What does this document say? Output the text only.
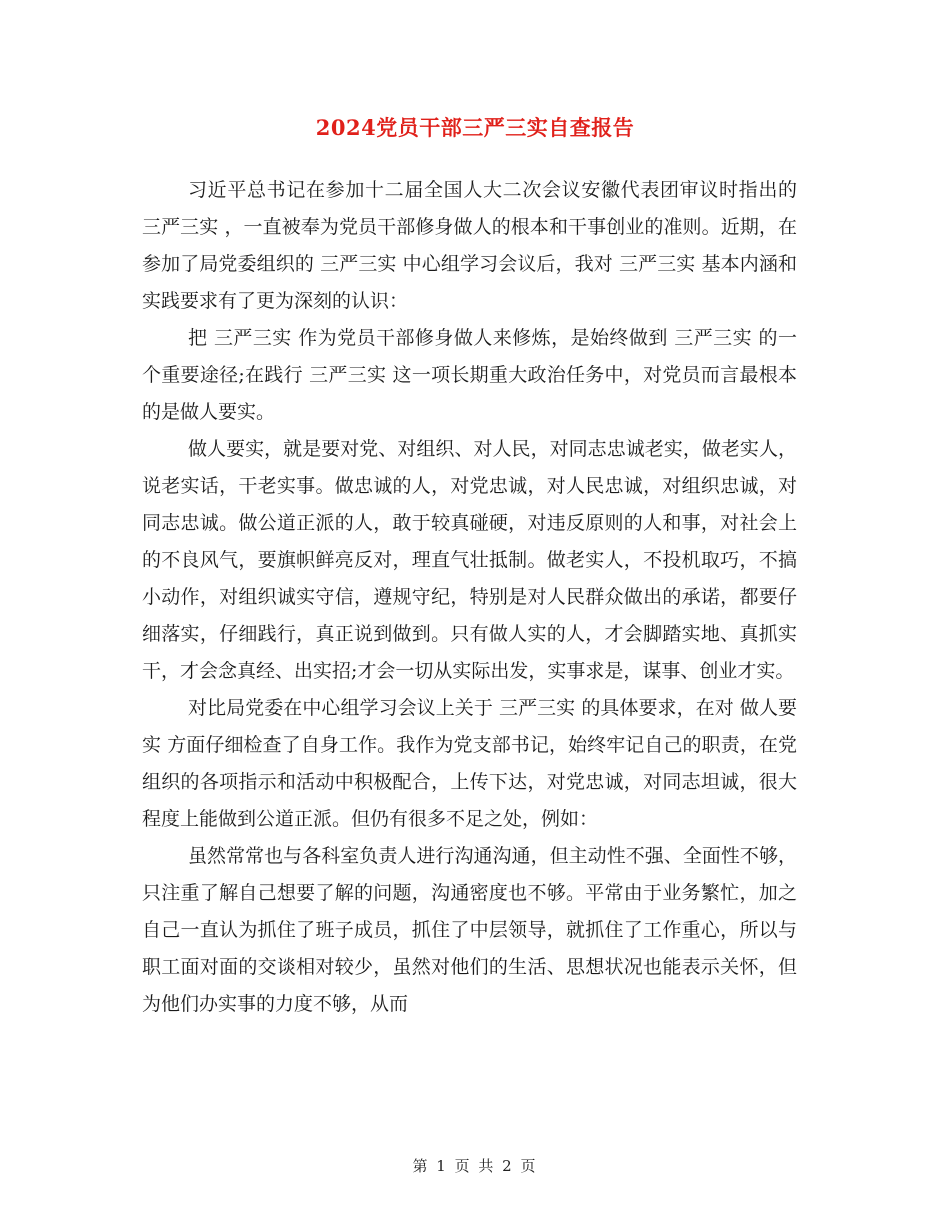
2024党员干部三严三实自查报告

习近平总书记在参加十二届全国人大二次会议安徽代表团审议时指出的 三严三实 ，一直被奉为党员干部修身做人的根本和干事创业的准则。近期，在参加了局党委组织的 三严三实 中心组学习会议后，我对 三严三实 基本内涵和实践要求有了更为深刻的认识：

把 三严三实 作为党员干部修身做人来修炼，是始终做到 三严三实 的一个重要途径;在践行 三严三实 这一项长期重大政治任务中，对党员而言最根本的是做人要实。

做人要实，就是要对党、对组织、对人民，对同志忠诚老实，做老实人，说老实话，干老实事。做忠诚的人，对党忠诚，对人民忠诚，对组织忠诚，对同志忠诚。做公道正派的人，敢于较真碰硬，对违反原则的人和事，对社会上的不良风气，要旗帜鲜亮反对，理直气壮抵制。做老实人，不投机取巧，不搞小动作，对组织诚实守信，遵规守纪，特别是对人民群众做出的承诺，都要仔细落实，仔细践行，真正说到做到。只有做人实的人，才会脚踏实地、真抓实干，才会念真经、出实招;才会一切从实际出发，实事求是，谋事、创业才实。

对比局党委在中心组学习会议上关于 三严三实 的具体要求，在对 做人要实 方面仔细检查了自身工作。我作为党支部书记，始终牢记自己的职责，在党组织的各项指示和活动中积极配合，上传下达，对党忠诚，对同志坦诚，很大程度上能做到公道正派。但仍有很多不足之处，例如：

虽然常常也与各科室负责人进行沟通沟通，但主动性不强、全面性不够，只注重了解自己想要了解的问题，沟通密度也不够。平常由于业务繁忙，加之自己一直认为抓住了班子成员，抓住了中层领导，就抓住了工作重心，所以与职工面对面的交谈相对较少，虽然对他们的生活、思想状况也能表示关怀，但为他们办实事的力度不够，从而

第 1 页 共 2 页
